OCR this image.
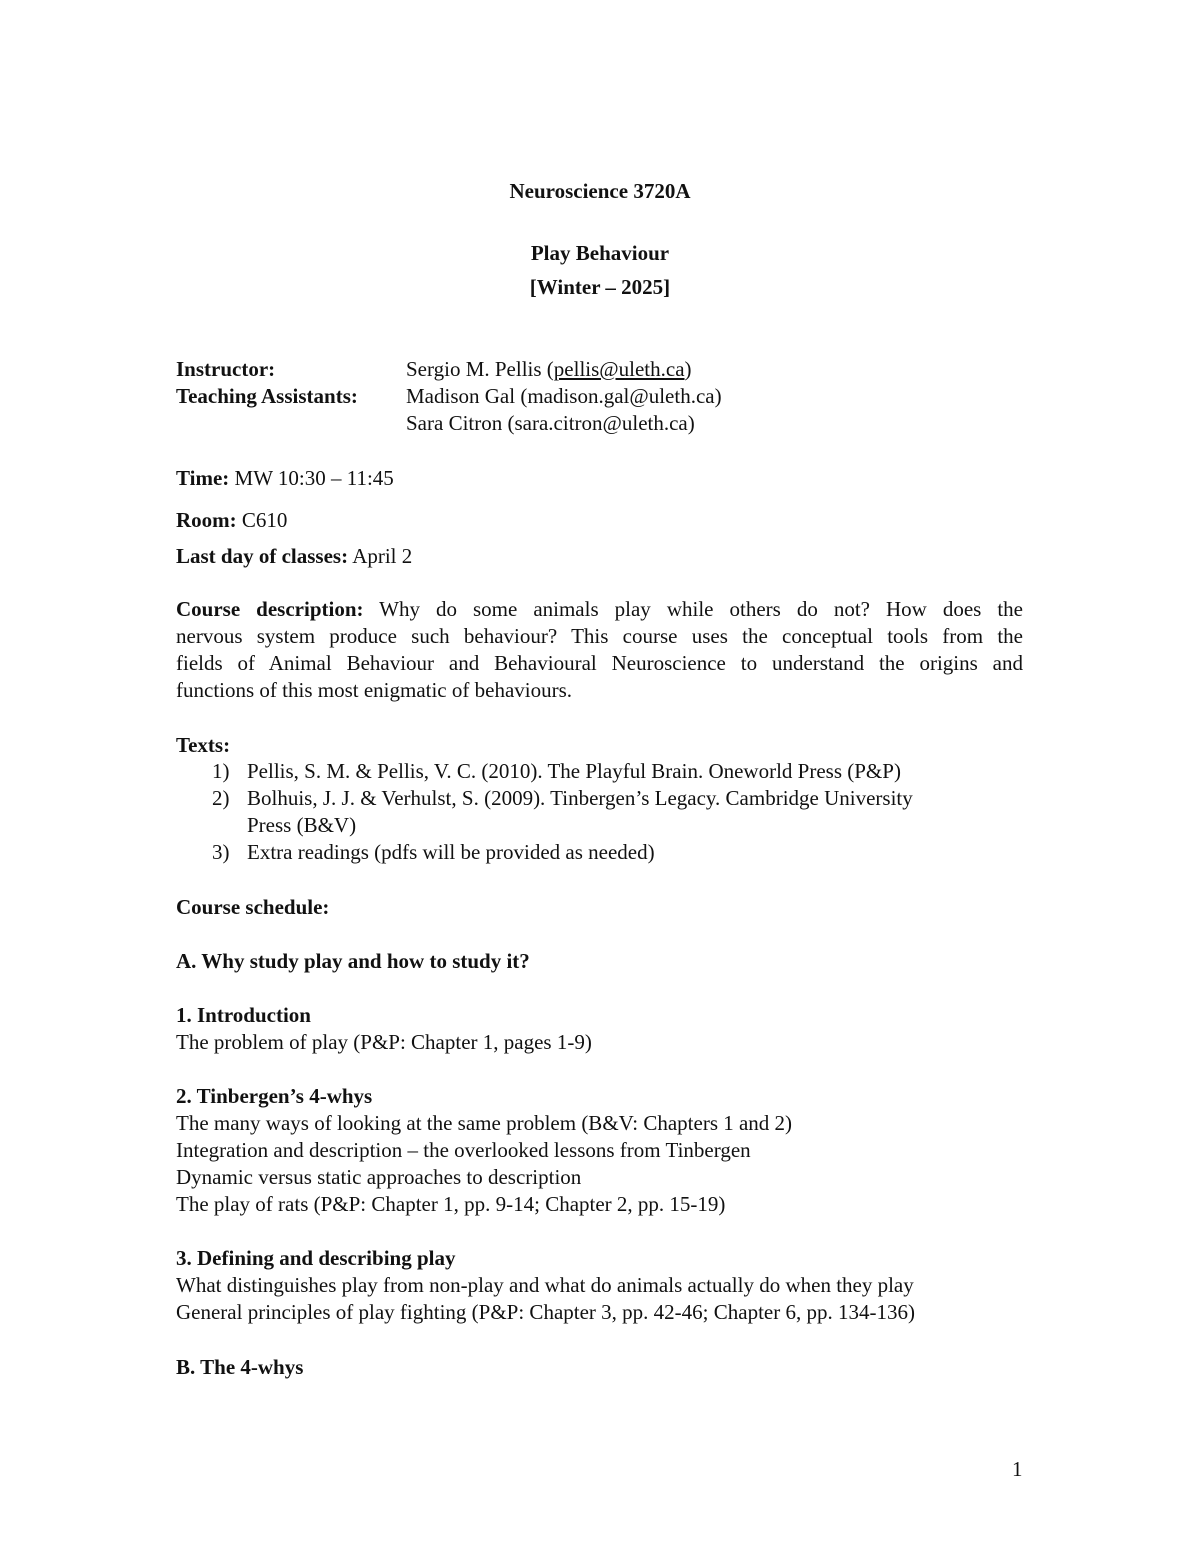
Neuroscience 3720A
Play Behaviour
[Winter – 2025]
Instructor:	Sergio M. Pellis (pellis@uleth.ca)
Teaching Assistants: Madison Gal (madison.gal@uleth.ca)
Sara Citron (sara.citron@uleth.ca)
Time: MW 10:30 – 11:45
Room: C610
Last day of classes: April 2
Course description: Why do some animals play while others do not? How does the
nervous system produce such behaviour? This course uses the conceptual tools from the
fields of Animal Behaviour and Behavioural Neuroscience to understand the origins and
functions of this most enigmatic of behaviours.
Texts:
1) Pellis, S. M. & Pellis, V. C. (2010). The Playful Brain. Oneworld Press (P&P)
2) Bolhuis, J. J. & Verhulst, S. (2009). Tinbergen’s Legacy. Cambridge University
Press (B&V)
3) Extra readings (pdfs will be provided as needed)
Course schedule:
A. Why study play and how to study it?
1. Introduction
The problem of play (P&P: Chapter 1, pages 1-9)
2. Tinbergen’s 4-whys
The many ways of looking at the same problem (B&V: Chapters 1 and 2)
Integration and description – the overlooked lessons from Tinbergen
Dynamic versus static approaches to description
The play of rats (P&P: Chapter 1, pp. 9-14; Chapter 2, pp. 15-19)
3. Defining and describing play
What distinguishes play from non-play and what do animals actually do when they play
General principles of play fighting (P&P: Chapter 3, pp. 42-46; Chapter 6, pp. 134-136)
B. The 4-whys
1
